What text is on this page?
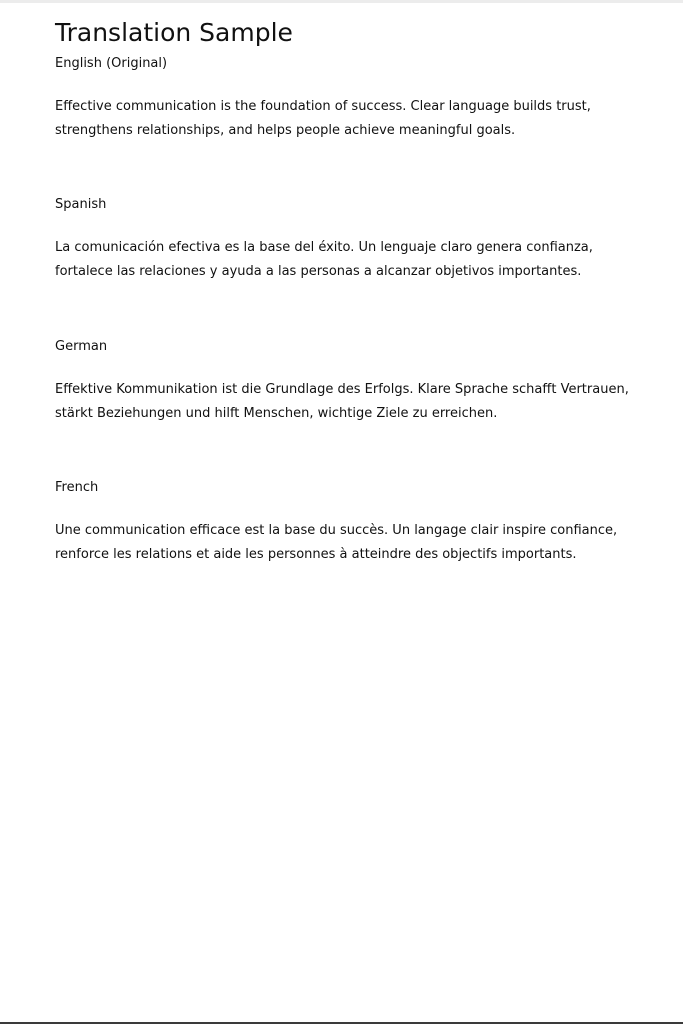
Translation Sample

English (Original)

Effective communication is the foundation of success. Clear language builds trust, strengthens relationships, and helps people achieve meaningful goals.

Spanish

La comunicación efectiva es la base del éxito. Un lenguaje claro genera confianza, fortalece las relaciones y ayuda a las personas a alcanzar objetivos importantes.

German

Effektive Kommunikation ist die Grundlage des Erfolgs. Klare Sprache schafft Vertrauen, stärkt Beziehungen und hilft Menschen, wichtige Ziele zu erreichen.

French

Une communication efficace est la base du succès. Un langage clair inspire confiance, renforce les relations et aide les personnes à atteindre des objectifs importants.
